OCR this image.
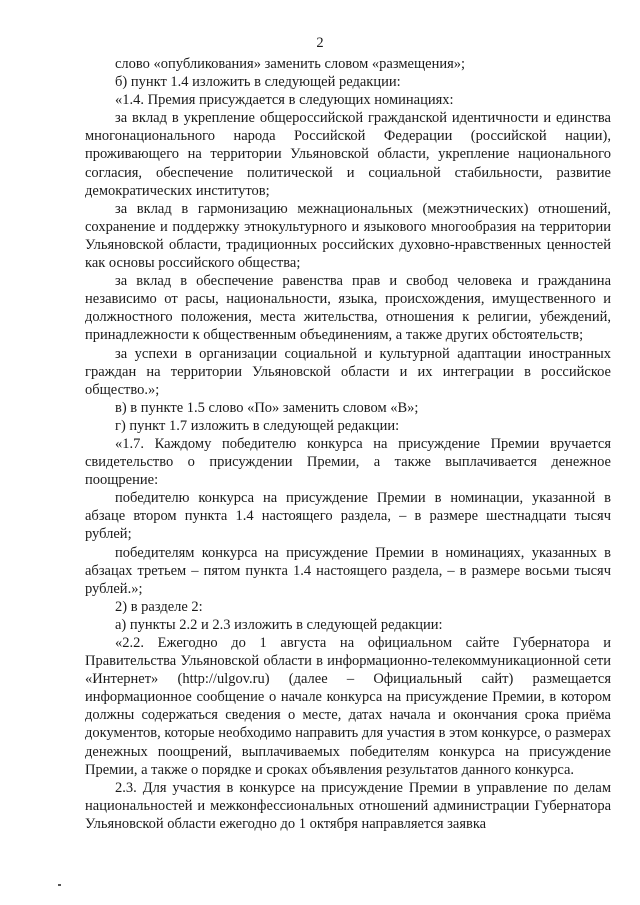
2

слово «опубликования» заменить словом «размещения»;

б) пункт 1.4 изложить в следующей редакции:

«1.4. Премия присуждается в следующих номинациях:

за вклад в укрепление общероссийской гражданской идентичности и единства многонационального народа Российской Федерации (российской нации), проживающего на территории Ульяновской области, укрепление национального согласия, обеспечение политической и социальной стабильности, развитие демократических институтов;

за вклад в гармонизацию межнациональных (межэтнических) отношений, сохранение и поддержку этнокультурного и языкового многообразия на территории Ульяновской области, традиционных российских духовно-нравственных ценностей как основы российского общества;

за вклад в обеспечение равенства прав и свобод человека и гражданина независимо от расы, национальности, языка, происхождения, имущественного и должностного положения, места жительства, отношения к религии, убеждений, принадлежности к общественным объединениям, а также других обстоятельств;

за успехи в организации социальной и культурной адаптации иностранных граждан на территории Ульяновской области и их интеграции в российское общество.»;

в) в пункте 1.5 слово «По» заменить словом «В»;

г) пункт 1.7 изложить в следующей редакции:

«1.7. Каждому победителю конкурса на присуждение Премии вручается свидетельство о присуждении Премии, а также выплачивается денежное поощрение:

победителю конкурса на присуждение Премии в номинации, указанной в абзаце втором пункта 1.4 настоящего раздела, – в размере шестнадцати тысяч рублей;

победителям конкурса на присуждение Премии в номинациях, указанных в абзацах третьем – пятом пункта 1.4 настоящего раздела, – в размере восьми тысяч рублей.»;

2) в разделе 2:

а) пункты 2.2 и 2.3 изложить в следующей редакции:

«2.2. Ежегодно до 1 августа на официальном сайте Губернатора и Правительства Ульяновской области в информационно-телекоммуникационной сети «Интернет» (http://ulgov.ru) (далее – Официальный сайт) размещается информационное сообщение о начале конкурса на присуждение Премии, в котором должны содержаться сведения о месте, датах начала и окончания срока приёма документов, которые необходимо направить для участия в этом конкурсе, о размерах денежных поощрений, выплачиваемых победителям конкурса на присуждение Премии, а также о порядке и сроках объявления результатов данного конкурса.

2.3. Для участия в конкурсе на присуждение Премии в управление по делам национальностей и межконфессиональных отношений администрации Губернатора Ульяновской области ежегодно до 1 октября направляется заявка
